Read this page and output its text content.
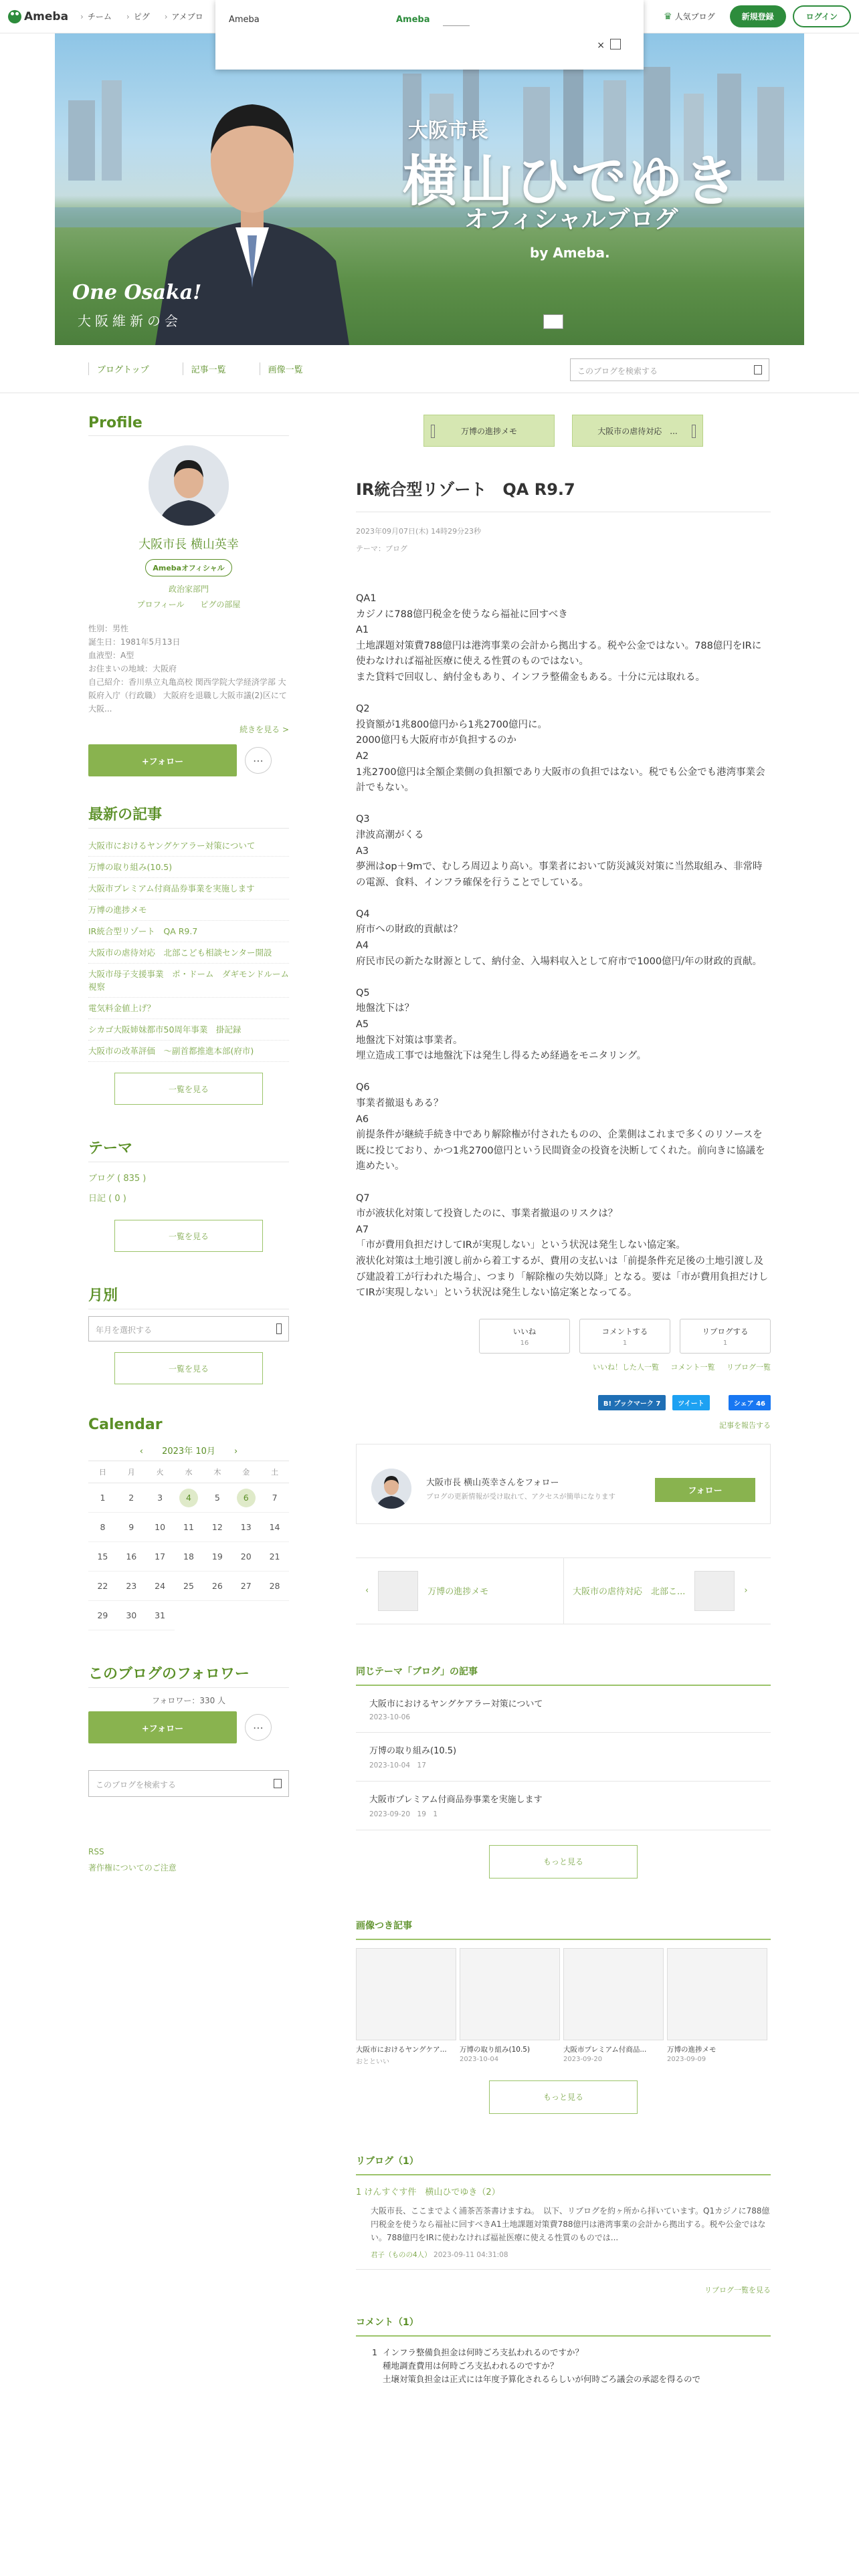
Ameba	› チーム	› ピグ	› アメブロ	♛ 人気ブログ	新規登録	ログイン
Ameba	Ameba
×
大阪市長
横山ひでゆき
オフィシャルブログ
by Ameba.
One Osaka!
大阪維新の会
ブログトップ	記事一覧	画像一覧	このブログを検索する
Profile
大阪市長 横山英幸
Amebaオフィシャル
政治家部門
プロフィール ピグの部屋
性別：男性
誕生日：1981年5月13日
血液型：A型
お住まいの地域：大阪府
自己紹介：香川県立丸亀高校 関西学院大学経済学部 大阪府入庁（行政職） 大阪府を退職し大阪市議(2)区にて 大阪...
続きを見る >
+フォロー	⋯
最新の記事
大阪市におけるヤングケアラー対策について
万博の取り組み(10.5)
大阪市プレミアム付商品券事業を実施します
万博の進捗メモ
IR統合型リゾート　QA R9.7
大阪市の虐待対応　北部こども相談センター開設
大阪市母子支援事業　ポ・ドーム　ダギモンドルーム視察
電気料金値上げ？
シカゴ大阪姉妹都市50周年事業　掛記録
大阪市の改革評価　～副首都推進本部(府市)
一覧を見る
テーマ
ブログ ( 835 )
日記 ( 0 )
一覧を見る
月別
年月を選択する
一覧を見る
Calendar
‹ 2023年 10月 ›
日	月	火	水	木	金	土
1	2	3	4	5	6	7
8	9	10	11	12	13	14
15	16	17	18	19	20	21
22	23	24	25	26	27	28
29	30	31
このブログのフォロワー
フォロワー：330 人
+フォロー	⋯
このブログを検索する
RSS
著作権についてのご注意
万博の進捗メモ	大阪市の虐待対応　...
IR統合型リゾート　QA R9.7
2023年09月07日(木) 14時29分23秒
テーマ：ブログ

QA1
カジノに788億円税金を使うなら福祉に回すべき
A1
土地課題対策費788億円は港湾事業の会計から拠出する。税や公金ではない。788億円をIRに使わなければ福祉医療に使える性質のものではない。
また貸料で回収し、納付金もあり、インフラ整備金もある。十分に元は取れる。

Q2
投資額が1兆800億円から1兆2700億円に。
2000億円も大阪府市が負担するのか
A2
1兆2700億円は全額企業側の負担額であり大阪市の負担ではない。税でも公金でも港湾事業会計でもない。

Q3
津波高潮がくる
A3
夢洲はop＋9mで、むしろ周辺より高い。事業者において防災減災対策に当然取組み、非常時の電源、食料、インフラ確保を行うことでしている。

Q4
府市への財政的貢献は？
A4
府民市民の新たな財源として、納付金、入場料収入として府市で1000億円/年の財政的貢献。

Q5
地盤沈下は？
A5
地盤沈下対策は事業者。
埋立造成工事では地盤沈下は発生し得るため経過をモニタリング。

Q6
事業者撤退もある？
A6
前提条件が継続手続き中であり解除権が付されたものの、企業側はこれまで多くのリソースを既に投じており、かつ1兆2700億円という民間資金の投資を決断してくれた。前向きに協議を進めたい。

Q7
市が液状化対策して投資したのに、事業者撤退のリスクは？
A7
「市が費用負担だけしてIRが実現しない」という状況は発生しない協定案。
液状化対策は土地引渡し前から着工するが、費用の支払いは「前提条件充足後の土地引渡し及び建設着工が行われた場合」、つまり「解除権の失効以降」となる。要は「市が費用負担だけしてIRが実現しない」という状況は発生しない協定案となってる。

いいね
16
コメントする
1
リブログする
1
いいね！した人一覧 コメント一覧 リブログ一覧
B! ブックマーク 7	ツイート	シェア 46
記事を報告する
大阪市長 横山英幸さんをフォロー
ブログの更新情報が受け取れて、アクセスが簡単になります
フォロー
‹	万博の進捗メモ	大阪市の虐待対応　北部こ...	›
同じテーマ「ブログ」の記事
大阪市におけるヤングケアラー対策について
2023-10-06
万博の取り組み(10.5)
2023-10-04　17
大阪市プレミアム付商品券事業を実施します
2023-09-20　19　1
もっと見る
画像つき記事
大阪市におけるヤングケア...
おとといい
万博の取り組み(10.5)
2023-10-04
大阪市プレミアム付商品...
2023-09-20
万博の進捗メモ
2023-09-09
もっと見る
リブログ（1）
1 けんすぐす件　横山ひでゆき（2）
大阪市長、ここまでよく浦茶苦茶書けますね。　以下、リブログを約ヶ所から拝いています。Q1カジノに788億円税金を使うなら福祉に回すべきA1土地課題対策費788億円は港湾事業の会計から拠出する。税や公金ではない。788億円をIRに使わなければ福祉医療に使える性質のものでは...
君子（ものの4人） 2023-09-11 04:31:08
リブログ一覧を見る
コメント（1）
1 インフラ整備負担金は何時ごろ支払われるのですか？
種地調査費用は何時ごろ支払われるのですか？
土壌対策負担金は正式には年度予算化されるらしいが何時ごろ議会の承認を得るので
